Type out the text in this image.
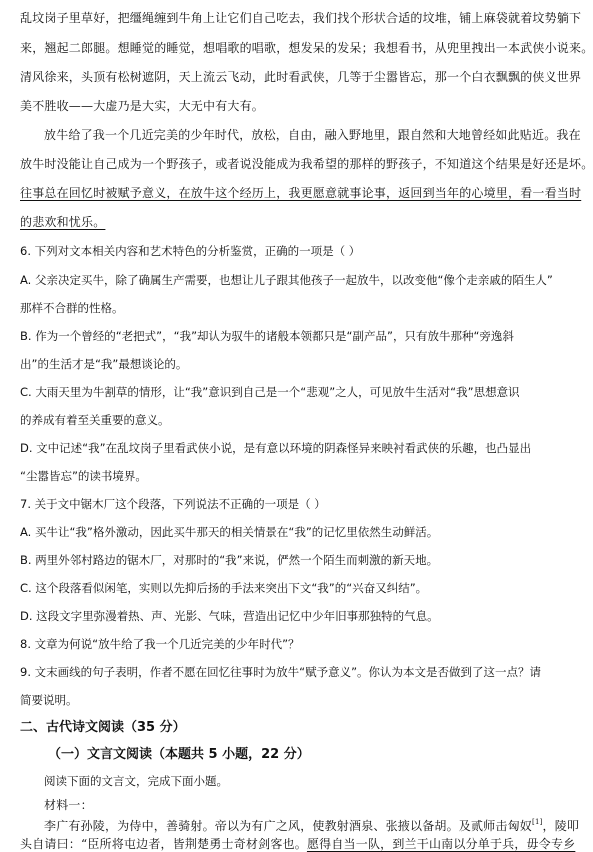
乱坟岗子里草好，把缰绳缠到牛角上让它们自己吃去，我们找个形状合适的坟堆，铺上麻袋就着坟势躺下
来，翘起二郎腿。想睡觉的睡觉，想唱歌的唱歌，想发呆的发呆；我想看书，从兜里拽出一本武侠小说来。
清风徐来，头顶有松树遮阴，天上流云飞动，此时看武侠，几等于尘嚣皆忘，那一个白衣飘飘的侠义世界
美不胜收——大虚乃是大实，大无中有大有。
放牛给了我一个几近完美的少年时代，放松，自由，融入野地里，跟自然和大地曾经如此贴近。我在
放牛时没能让自己成为一个野孩子，或者说没能成为我希望的那样的野孩子，不知道这个结果是好还是坏。
往事总在回忆时被赋予意义，在放牛这个经历上，我更愿意就事论事，返回到当年的心境里，看一看当时
的悲欢和忧乐。
6. 下列对文本相关内容和艺术特色的分析鉴赏，正确的一项是（ ）
A. 父亲决定买牛，除了确属生产需要，也想让儿子跟其他孩子一起放牛，以改变他“像个走亲戚的陌生人”
那样不合群的性格。
B. 作为一个曾经的“老把式”，“我”却认为驭牛的诸般本领都只是“副产品”，只有放牛那种“旁逸斜
出”的生活才是“我”最想谈论的。
C. 大雨天里为牛割草的情形，让“我”意识到自己是一个“悲观”之人，可见放牛生活对“我”思想意识
的养成有着至关重要的意义。
D. 文中记述“我”在乱坟岗子里看武侠小说，是有意以环境的阴森怪异来映衬看武侠的乐趣，也凸显出
“尘嚣皆忘”的读书境界。
7. 关于文中锯木厂这个段落，下列说法不正确的一项是（ ）
A. 买牛让“我”格外激动，因此买牛那天的相关情景在“我”的记忆里依然生动鲜活。
B. 两里外邻村路边的锯木厂，对那时的“我”来说，俨然一个陌生而刺激的新天地。
C. 这个段落看似闲笔，实则以先抑后扬的手法来突出下文“我”的“兴奋又纠结”。
D. 这段文字里弥漫着热、声、光影、气味，营造出记忆中少年旧事那独特的气息。
8. 文章为何说“放牛给了我一个几近完美的少年时代”？
9. 文末画线的句子表明，作者不愿在回忆往事时为放牛“赋予意义”。你认为本文是否做到了这一点？请
简要说明。
二、古代诗文阅读（35 分）
（一）文言文阅读（本题共 5 小题，22 分）
阅读下面的文言文，完成下面小题。
材料一：
李广有孙陵，为侍中，善骑射。帝以为有广之风，使教射酒泉、张掖以备胡。及贰师击匈奴[1]，陵叩
头自请曰：“臣所将屯边者，皆荆楚勇士奇材剑客也。愿得自当一队，到兰干山南以分单于兵，毋令专乡
